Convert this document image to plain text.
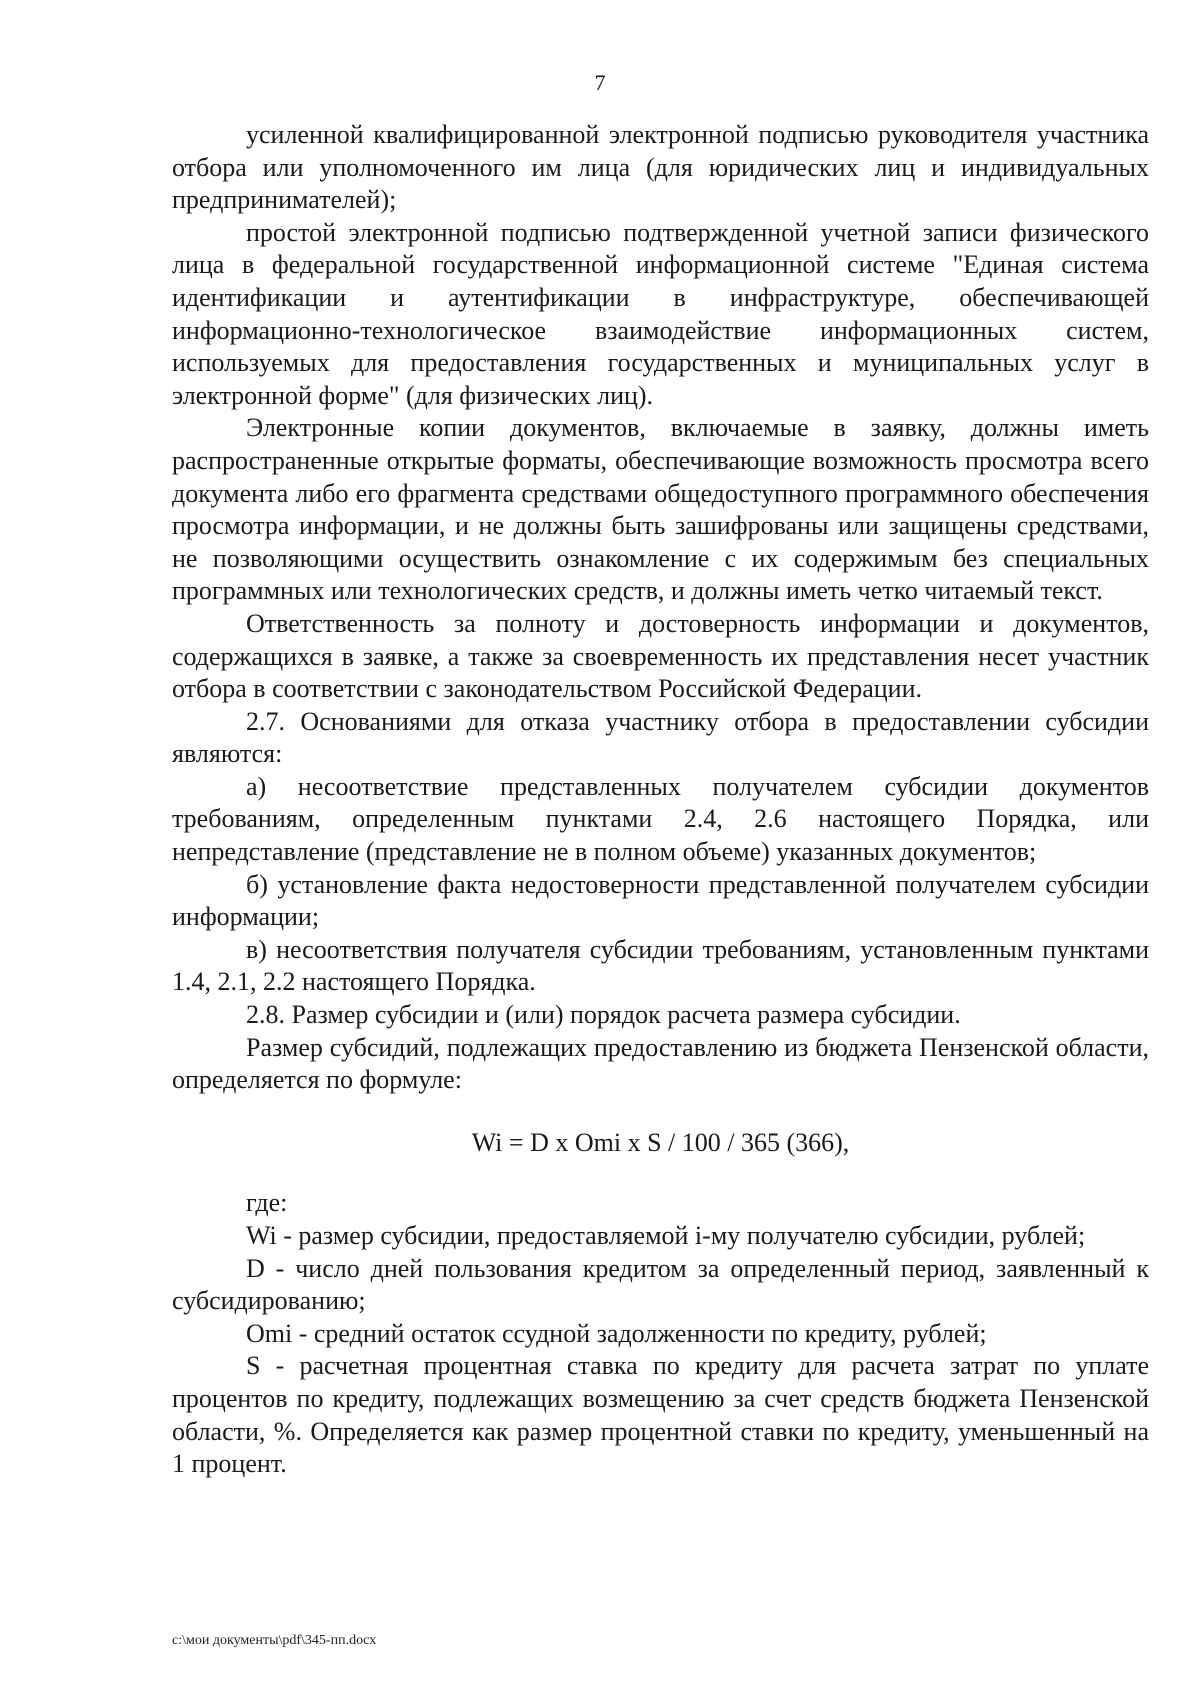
7

усиленной квалифицированной электронной подписью руководителя участника отбора или уполномоченного им лица (для юридических лиц и индивидуальных предпринимателей);

простой электронной подписью подтвержденной учетной записи физического лица в федеральной государственной информационной системе "Единая система идентификации и аутентификации в инфраструктуре, обеспечивающей информационно-технологическое взаимодействие информационных систем, используемых для предоставления государственных и муниципальных услуг в электронной форме" (для физических лиц).

Электронные копии документов, включаемые в заявку, должны иметь распространенные открытые форматы, обеспечивающие возможность просмотра всего документа либо его фрагмента средствами общедоступного программного обеспечения просмотра информации, и не должны быть зашифрованы или защищены средствами, не позволяющими осуществить ознакомление с их содержимым без специальных программных или технологических средств, и должны иметь четко читаемый текст.

Ответственность за полноту и достоверность информации и документов, содержащихся в заявке, а также за своевременность их представления несет участник отбора в соответствии с законодательством Российской Федерации.

2.7. Основаниями для отказа участнику отбора в предоставлении субсидии являются:

а) несоответствие представленных получателем субсидии документов требованиям, определенным пунктами 2.4, 2.6 настоящего Порядка, или непредставление (представление не в полном объеме) указанных документов;

б) установление факта недостоверности представленной получателем субсидии информации;

в) несоответствия получателя субсидии требованиям, установленным пунктами 1.4, 2.1, 2.2 настоящего Порядка.

2.8. Размер субсидии и (или) порядок расчета размера субсидии.

Размер субсидий, подлежащих предоставлению из бюджета Пензенской области, определяется по формуле:

Wi = D x Omi x S / 100 / 365 (366),

где:

Wi - размер субсидии, предоставляемой i-му получателю субсидии, рублей;

D - число дней пользования кредитом за определенный период, заявленный к субсидированию;

Omi - средний остаток ссудной задолженности по кредиту, рублей;

S - расчетная процентная ставка по кредиту для расчета затрат по уплате процентов по кредиту, подлежащих возмещению за счет средств бюджета Пензенской области, %. Определяется как размер процентной ставки по кредиту, уменьшенный на 1 процент.

c:\мои документы\pdf\345-пп.docx
